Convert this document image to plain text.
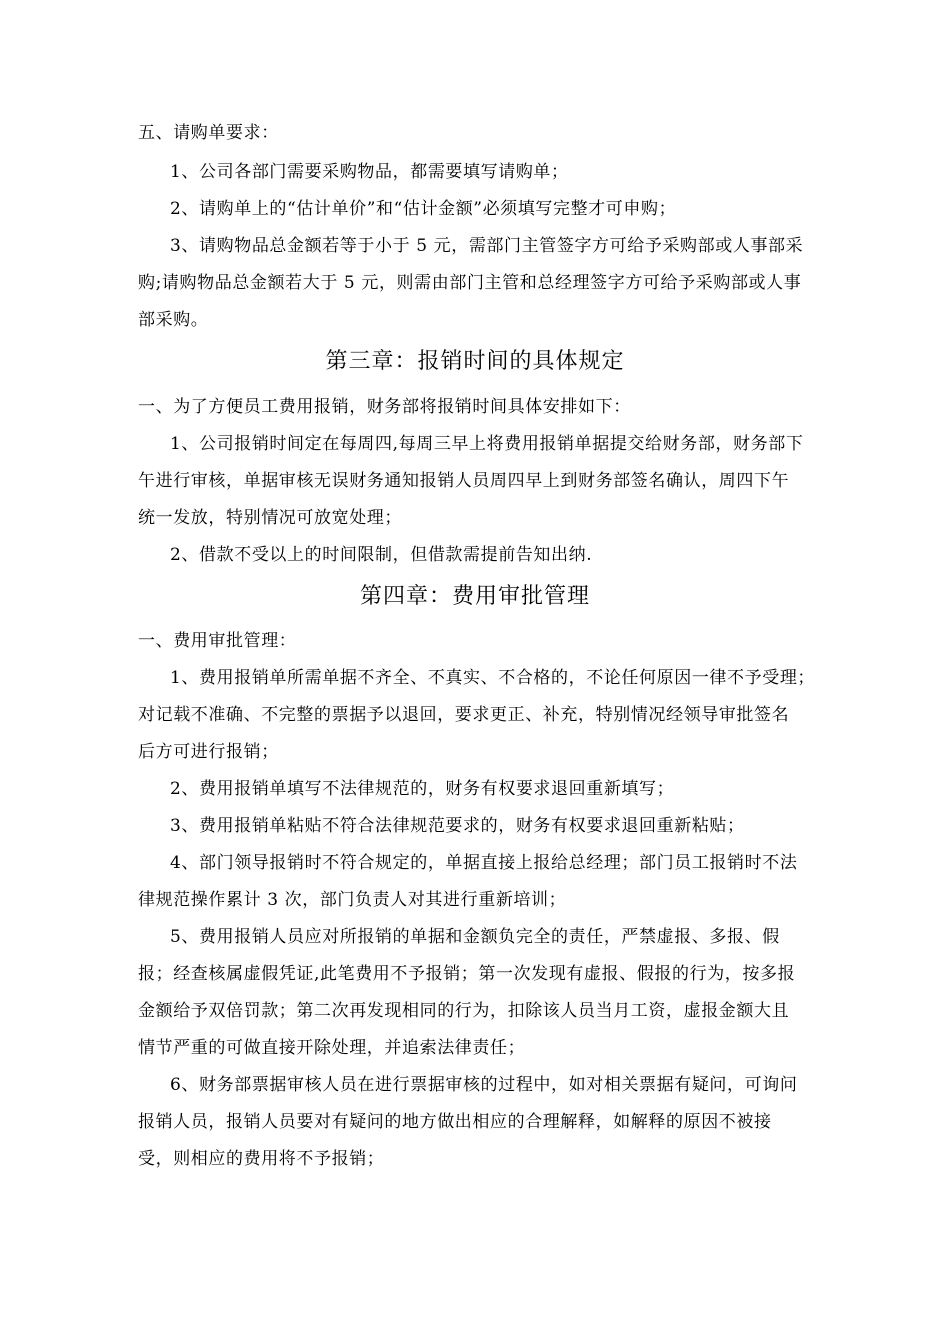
五、请购单要求：
1、公司各部门需要采购物品，都需要填写请购单；
2、请购单上的“估计单价”和“估计金额”必须填写完整才可申购；
3、请购物品总金额若等于小于 5 元，需部门主管签字方可给予采购部或人事部采
购;请购物品总金额若大于 5 元，则需由部门主管和总经理签字方可给予采购部或人事
部采购。
第三章：报销时间的具体规定
一、为了方便员工费用报销，财务部将报销时间具体安排如下：
1、公司报销时间定在每周四,每周三早上将费用报销单据提交给财务部，财务部下
午进行审核，单据审核无误财务通知报销人员周四早上到财务部签名确认，周四下午
统一发放，特别情况可放宽处理；
2、借款不受以上的时间限制，但借款需提前告知出纳.
第四章：费用审批管理
一、费用审批管理：
1、费用报销单所需单据不齐全、不真实、不合格的，不论任何原因一律不予受理；
对记载不准确、不完整的票据予以退回，要求更正、补充，特别情况经领导审批签名
后方可进行报销；
2、费用报销单填写不法律规范的，财务有权要求退回重新填写；
3、费用报销单粘贴不符合法律规范要求的，财务有权要求退回重新粘贴；
4、部门领导报销时不符合规定的，单据直接上报给总经理；部门员工报销时不法
律规范操作累计 3 次，部门负责人对其进行重新培训；
5、费用报销人员应对所报销的单据和金额负完全的责任，严禁虚报、多报、假
报；经查核属虚假凭证,此笔费用不予报销；第一次发现有虚报、假报的行为，按多报
金额给予双倍罚款；第二次再发现相同的行为，扣除该人员当月工资，虚报金额大且
情节严重的可做直接开除处理，并追索法律责任；
6、财务部票据审核人员在进行票据审核的过程中，如对相关票据有疑问，可询问
报销人员，报销人员要对有疑问的地方做出相应的合理解释，如解释的原因不被接
受，则相应的费用将不予报销；
